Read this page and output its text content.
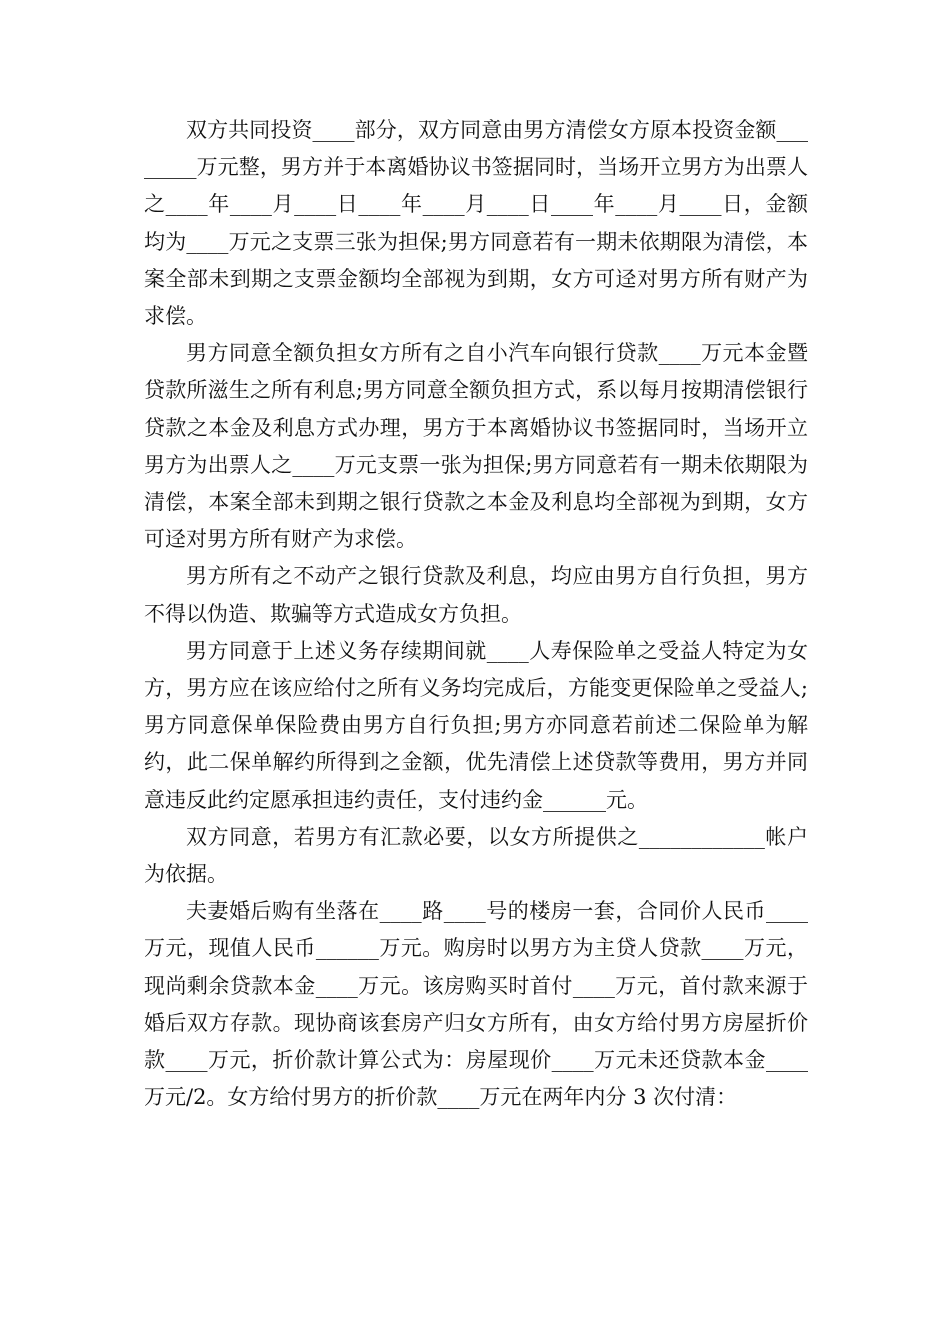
双方共同投资____部分，双方同意由男方清偿女方原本投资金额________万元整，男方并于本离婚协议书签据同时，当场开立男方为出票人之____年____月____日____年____月____日____年____月____日，金额均为____万元之支票三张为担保;男方同意若有一期未依期限为清偿，本案全部未到期之支票金额均全部视为到期，女方可迳对男方所有财产为求偿。

男方同意全额负担女方所有之自小汽车向银行贷款____万元本金暨贷款所滋生之所有利息;男方同意全额负担方式，系以每月按期清偿银行贷款之本金及利息方式办理，男方于本离婚协议书签据同时，当场开立男方为出票人之____万元支票一张为担保;男方同意若有一期未依期限为清偿，本案全部未到期之银行贷款之本金及利息均全部视为到期，女方可迳对男方所有财产为求偿。

男方所有之不动产之银行贷款及利息，均应由男方自行负担，男方不得以伪造、欺骗等方式造成女方负担。

男方同意于上述义务存续期间就____人寿保险单之受益人特定为女方，男方应在该应给付之所有义务均完成后，方能变更保险单之受益人;男方同意保单保险费由男方自行负担;男方亦同意若前述二保险单为解约，此二保单解约所得到之金额，优先清偿上述贷款等费用，男方并同意违反此约定愿承担违约责任，支付违约金______元。

双方同意，若男方有汇款必要，以女方所提供之____________帐户为依据。

夫妻婚后购有坐落在____路____号的楼房一套，合同价人民币____万元，现值人民币______万元。购房时以男方为主贷人贷款____万元，现尚剩余贷款本金____万元。该房购买时首付____万元，首付款来源于婚后双方存款。现协商该套房产归女方所有，由女方给付男方房屋折价款____万元，折价款计算公式为：房屋现价____万元未还贷款本金____万元/2。女方给付男方的折价款____万元在两年内分 3 次付清：
